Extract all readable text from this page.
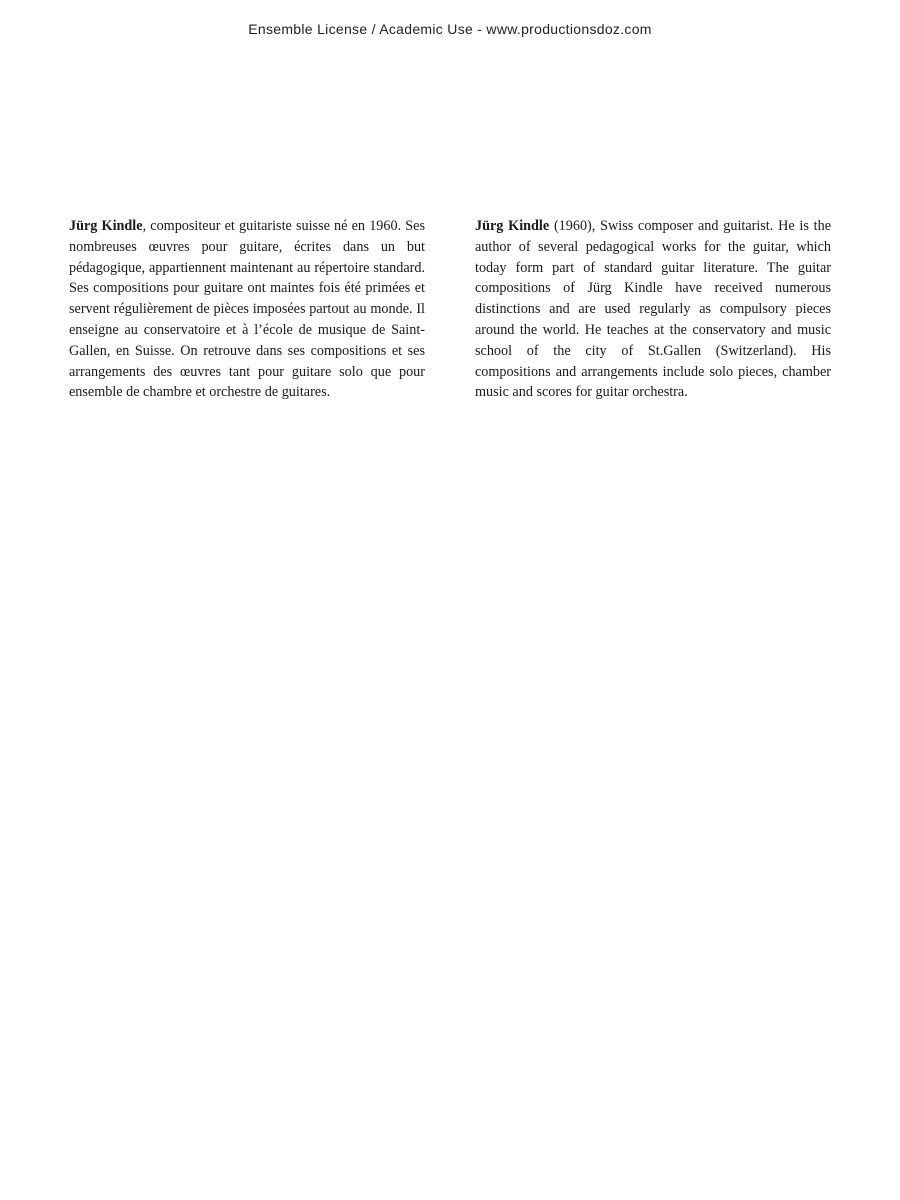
Ensemble License / Academic Use - www.productionsdoz.com

Jürg Kindle, compositeur et guitariste suisse né en 1960. Ses nombreuses œuvres pour guitare, écrites dans un but pédagogique, appartiennent maintenant au répertoire standard. Ses compositions pour guitare ont maintes fois été primées et servent régulièrement de pièces imposées partout au monde. Il enseigne au conservatoire et à l’école de musique de Saint-Gallen, en Suisse. On retrouve dans ses compositions et ses arrangements des œuvres tant pour guitare solo que pour ensemble de chambre et orchestre de guitares.

Jürg Kindle (1960), Swiss composer and guitarist. He is the author of several pedagogical works for the guitar, which today form part of standard guitar literature. The guitar compositions of Jürg Kindle have received numerous distinctions and are used regularly as compulsory pieces around the world. He teaches at the conservatory and music school of the city of St.Gallen (Switzerland). His compositions and arrangements include solo pieces, chamber music and scores for guitar orchestra.
